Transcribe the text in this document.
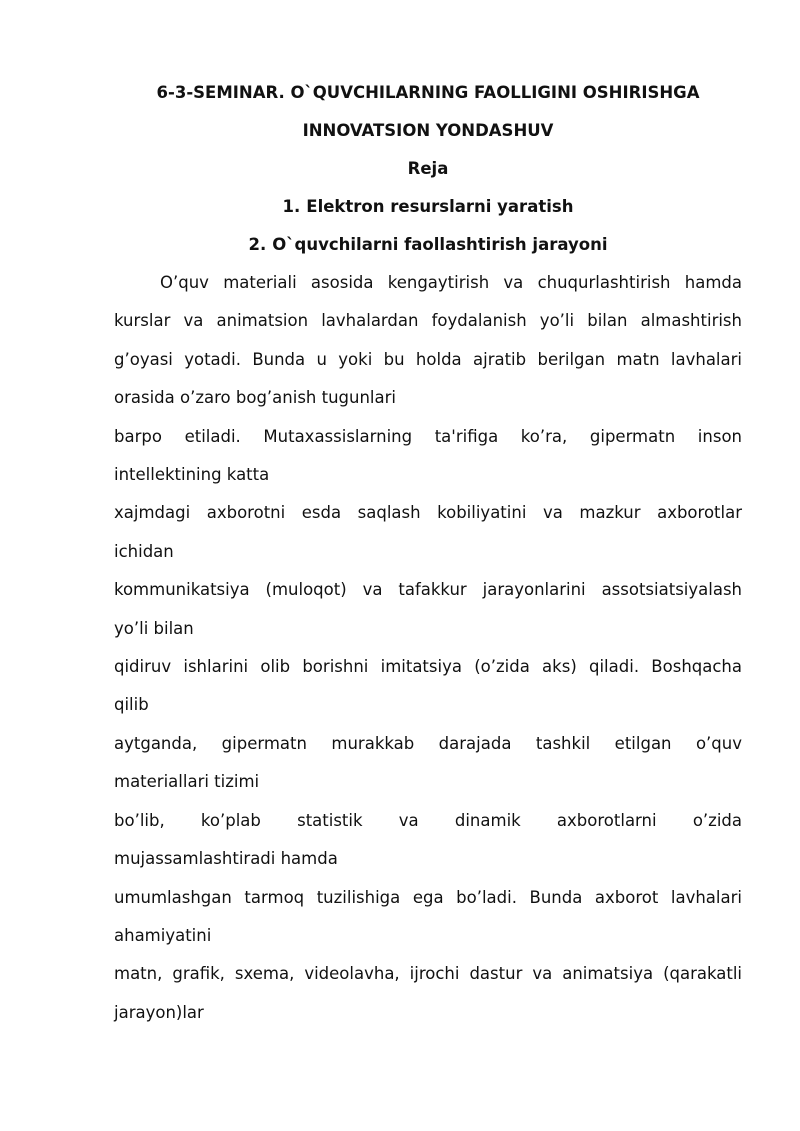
6-3-SEMINAR. O`QUVCHILARNING FAOLLIGINI OSHIRISHGA

INNOVATSION YONDASHUV

Reja

1. Elektron resurslarni yaratish
2. O`quvchilarni faollashtirish jarayoni
O’quv materiali asosida kengaytirish va chuqurlashtirish hamda
kurslar va animatsion lavhalardan foydalanish yo’li bilan almashtirish
g’oyasi yotadi. Bunda u yoki bu holda ajratib berilgan matn lavhalari
orasida o’zaro bog’anish tugunlari
barpo etiladi. Mutaxassislarning ta'rifiga ko’ra, gipermatn inson
intellektining katta
xajmdagi axborotni esda saqlash kobiliyatini va mazkur axborotlar
ichidan
kommunikatsiya (muloqot) va tafakkur jarayonlarini assotsiatsiyalash
yo’li bilan
qidiruv ishlarini olib borishni imitatsiya (o’zida aks) qiladi. Boshqacha
qilib
aytganda, gipermatn murakkab darajada tashkil etilgan o’quv
materiallari tizimi
bo’lib, ko’plab statistik va dinamik axborotlarni o’zida
mujassamlashtiradi hamda
umumlashgan tarmoq tuzilishiga ega bo’ladi. Bunda axborot lavhalari
ahamiyatini
matn, grafik, sxema, videolavha, ijrochi dastur va animatsiya (qarakatli
jarayon)lar
